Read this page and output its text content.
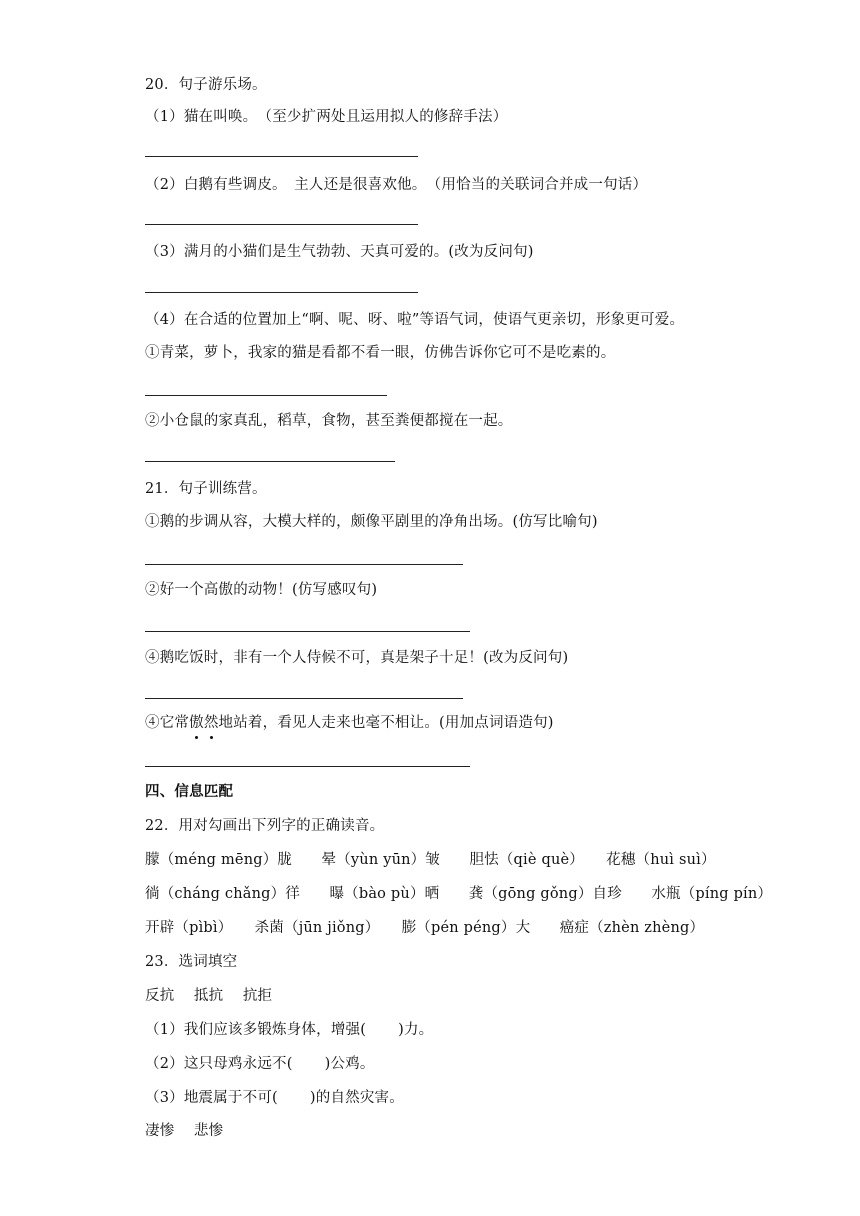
20．句子游乐场。
（1）猫在叫唤。　（至少扩两处且运用拟人的修辞手法）
（2）白鹅有些调皮。　主人还是很喜欢他。　（用恰当的关联词合并成一句话）
（3）满月的小猫们是生气勃勃、天真可爱的。(改为反问句)
（4）在合适的位置加上“啊、呢、呀、啦”等语气词，使语气更亲切，形象更可爱。
①青菜，萝卜，我家的猫是看都不看一眼，仿佛告诉你它可不是吃素的。
②小仓鼠的家真乱，稻草，食物，甚至粪便都搅在一起。
21．句子训练营。
①鹅的步调从容，大模大样的，颇像平剧里的净角出场。(仿写比喻句)
②好一个高傲的动物！(仿写感叹句)
④鹅吃饭时，非有一个人侍候不可，真是架子十足！(改为反问句)
④它常傲然地站着，看见人走来也毫不相让。(用加点词语造句)
四、信息匹配
22．用对勾画出下列字的正确读音。
朦（méng mēng）胧　　晕（yùn yūn）皱　　胆怯（qiè què）　　花穗（huì suì）
徜（cháng chǎng）徉　　曝（bào pù）晒　　龚（gōng gǒng）自珍　　水瓶（píng pín）
开辟（pìbì）　　杀菌（jūn jiǒng）　　膨（pén péng）大　　癌症（zhèn zhèng）
23．选词填空
反抗　 抵抗　 抗拒
（1）我们应该多锻炼身体，增强( )力。
（2）这只母鸡永远不( )公鸡。
（3）地震属于不可( )的自然灾害。
凄惨　 悲惨
